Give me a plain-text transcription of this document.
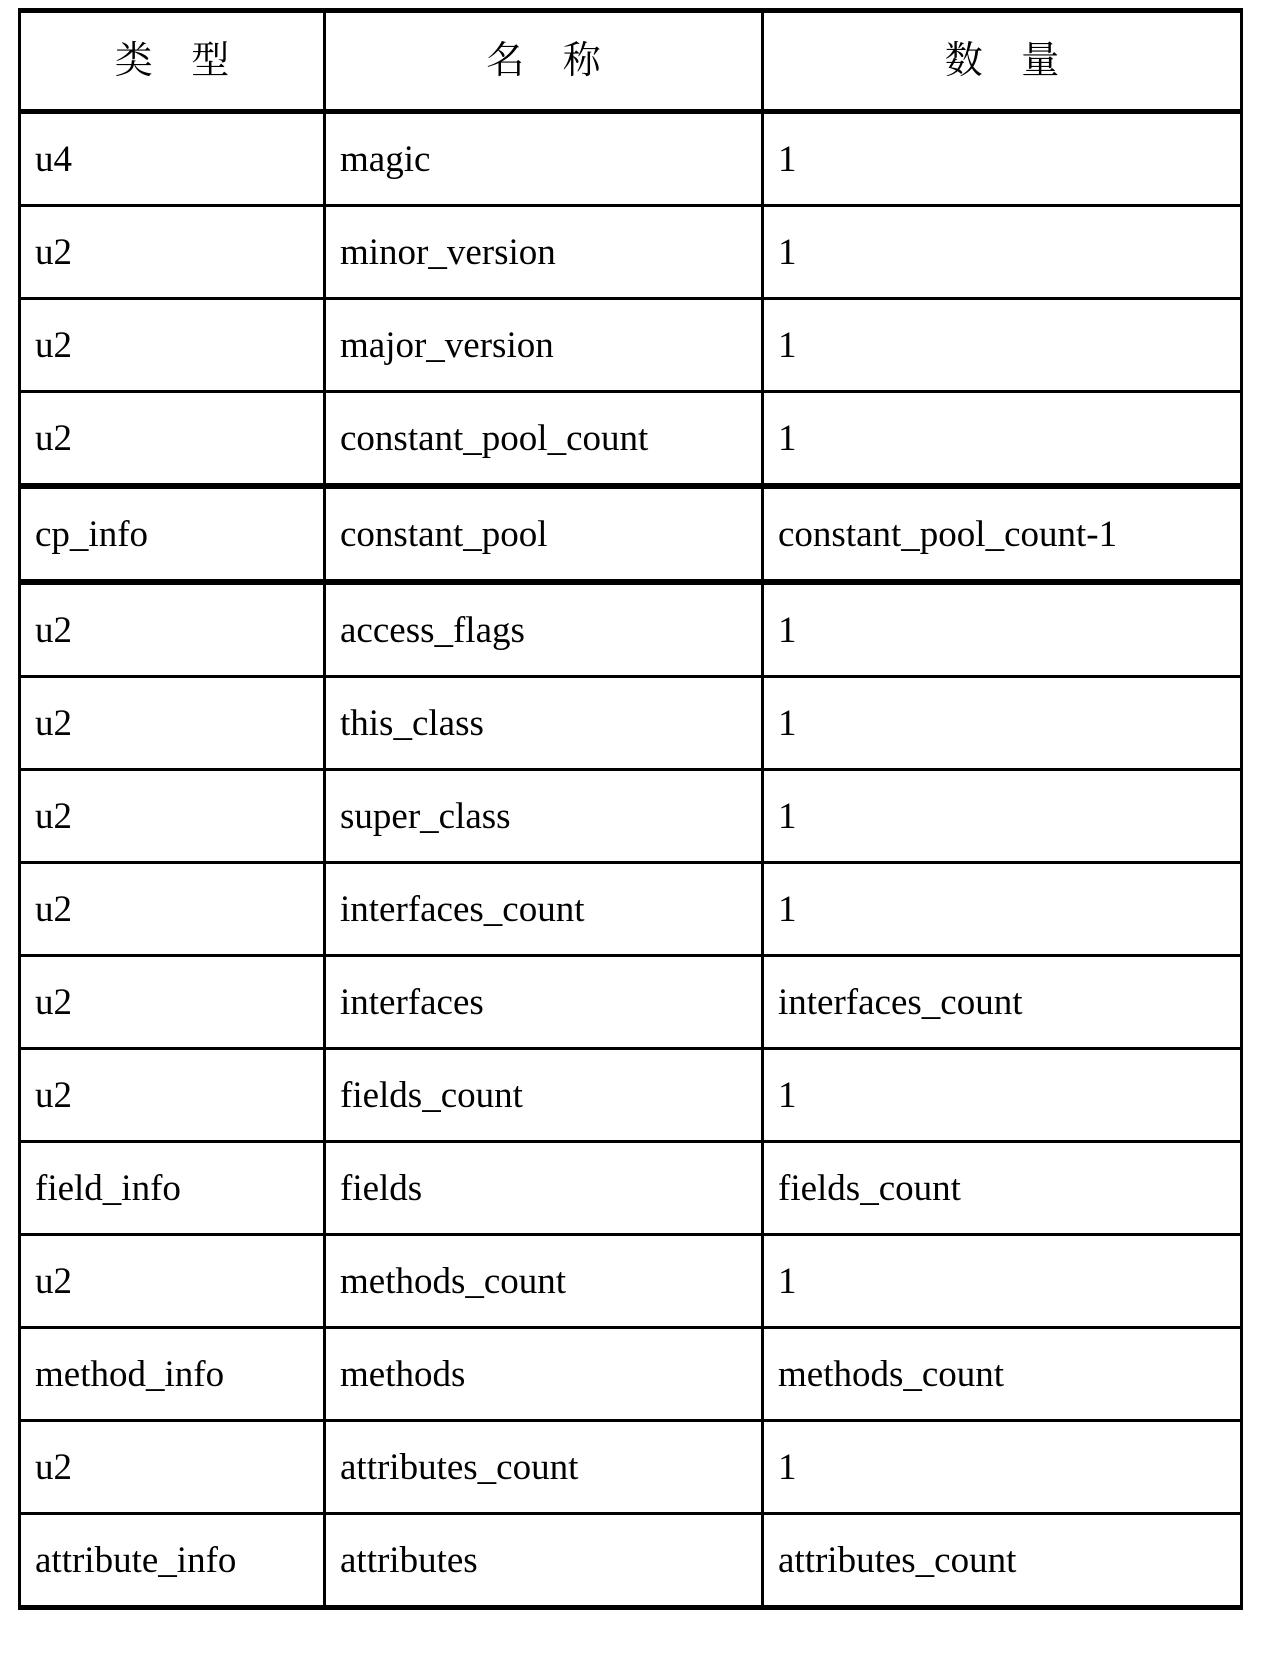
类 型	名 称	数 量

u4	magic	1

u2	minor_version	1

u2	major_version	1

u2	constant_pool_count	1

cp_info	constant_pool	constant_pool_count-1

u2	access_flags	1

u2	this_class	1

u2	super_class	1

u2	interfaces_count	1

u2	interfaces	interfaces_count

u2	fields_count	1

field_info	fields	fields_count

u2	methods_count	1

method_info	methods	methods_count

u2	attributes_count	1

attribute_info	attributes	attributes_count
